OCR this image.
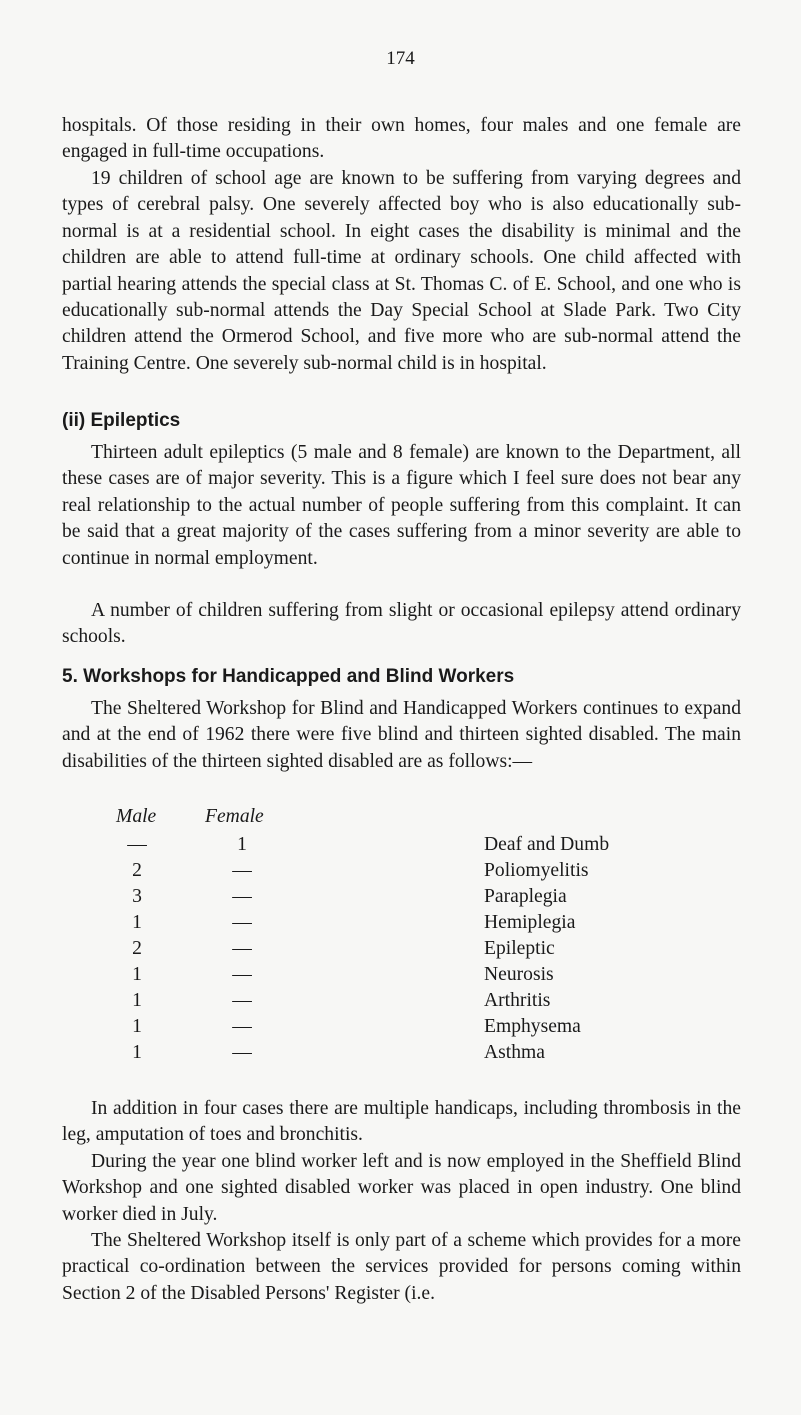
174

hospitals. Of those residing in their own homes, four males and one female are engaged in full-time occupations.

19 children of school age are known to be suffering from varying degrees and types of cerebral palsy. One severely affected boy who is also educationally sub-normal is at a residential school. In eight cases the disability is minimal and the children are able to attend full-time at ordinary schools. One child affected with partial hearing attends the special class at St. Thomas C. of E. School, and one who is educationally sub-normal attends the Day Special School at Slade Park. Two City children attend the Ormerod School, and five more who are sub-normal attend the Training Centre. One severely sub-normal child is in hospital.

(ii) Epileptics

Thirteen adult epileptics (5 male and 8 female) are known to the Department, all these cases are of major severity. This is a figure which I feel sure does not bear any real relationship to the actual number of people suffering from this complaint. It can be said that a great majority of the cases suffering from a minor severity are able to continue in normal employment.

A number of children suffering from slight or occasional epilepsy attend ordinary schools.

5. Workshops for Handicapped and Blind Workers

The Sheltered Workshop for Blind and Handicapped Workers continues to expand and at the end of 1962 there were five blind and thirteen sighted disabled. The main disabilities of the thirteen sighted disabled are as follows:—

Male Female
—	1	Deaf and Dumb
2	—	Poliomyelitis
3	—	Paraplegia
1	—	Hemiplegia
2	—	Epileptic
1	—	Neurosis
1	—	Arthritis
1	—	Emphysema
1	—	Asthma

In addition in four cases there are multiple handicaps, including thrombosis in the leg, amputation of toes and bronchitis.

During the year one blind worker left and is now employed in the Sheffield Blind Workshop and one sighted disabled worker was placed in open industry. One blind worker died in July.

The Sheltered Workshop itself is only part of a scheme which provides for a more practical co-ordination between the services provided for persons coming within Section 2 of the Disabled Persons' Register (i.e.
